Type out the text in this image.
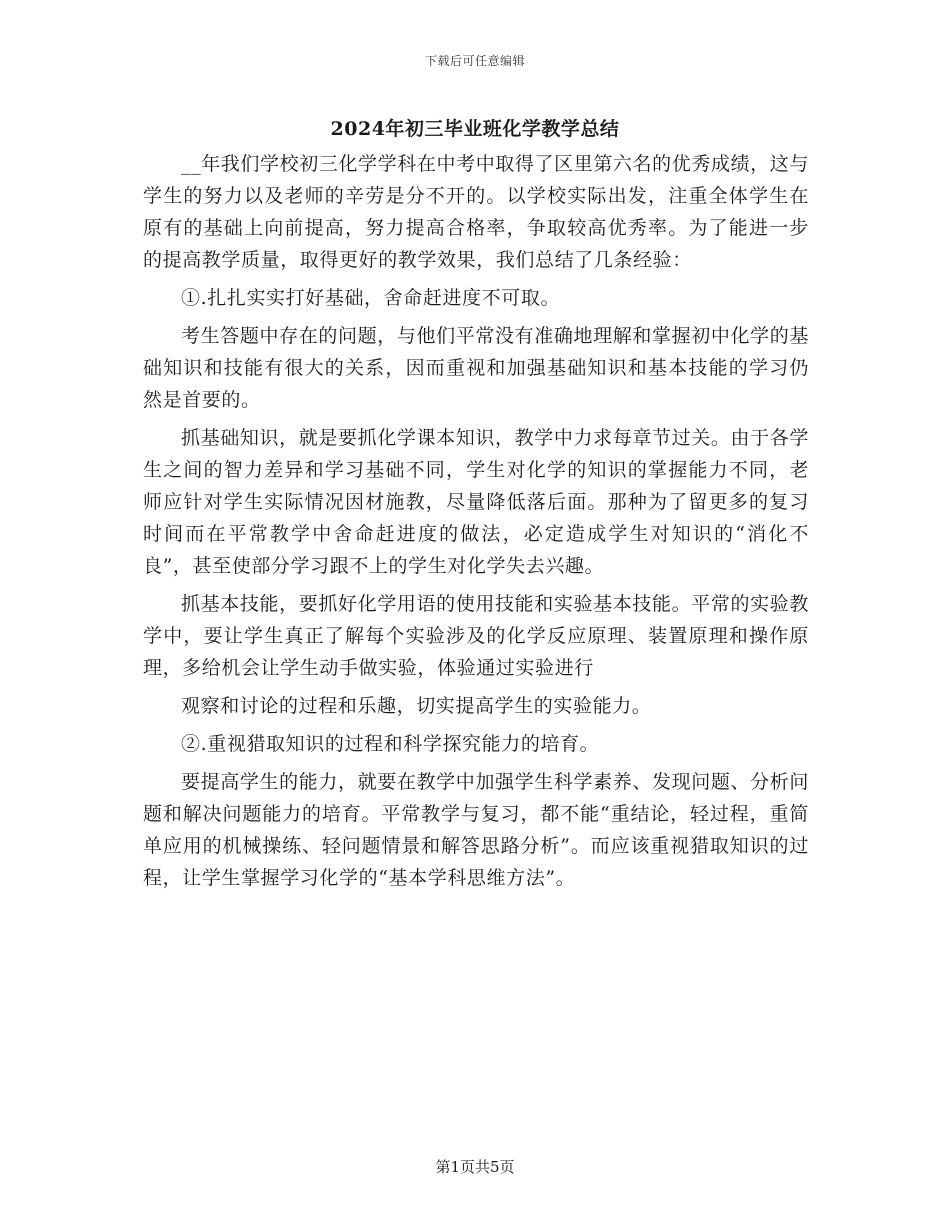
下载后可任意编辑
2024年初三毕业班化学教学总结

__年我们学校初三化学学科在中考中取得了区里第六名的优秀成绩，这与学生的努力以及老师的辛劳是分不开的。以学校实际出发，注重全体学生在原有的基础上向前提高，努力提高合格率，争取较高优秀率。为了能进一步的提高教学质量，取得更好的教学效果，我们总结了几条经验：

①.扎扎实实打好基础，舍命赶进度不可取。

考生答题中存在的问题，与他们平常没有准确地理解和掌握初中化学的基础知识和技能有很大的关系，因而重视和加强基础知识和基本技能的学习仍然是首要的。

抓基础知识，就是要抓化学课本知识，教学中力求每章节过关。由于各学生之间的智力差异和学习基础不同，学生对化学的知识的掌握能力不同，老师应针对学生实际情况因材施教，尽量降低落后面。那种为了留更多的复习时间而在平常教学中舍命赶进度的做法，必定造成学生对知识的“消化不良”，甚至使部分学习跟不上的学生对化学失去兴趣。

抓基本技能，要抓好化学用语的使用技能和实验基本技能。平常的实验教学中，要让学生真正了解每个实验涉及的化学反应原理、装置原理和操作原理，多给机会让学生动手做实验，体验通过实验进行

观察和讨论的过程和乐趣，切实提高学生的实验能力。

②.重视猎取知识的过程和科学探究能力的培育。

要提高学生的能力，就要在教学中加强学生科学素养、发现问题、分析问题和解决问题能力的培育。平常教学与复习，都不能“重结论，轻过程，重简单应用的机械操练、轻问题情景和解答思路分析”。而应该重视猎取知识的过程，让学生掌握学习化学的“基本学科思维方法”。

第1页共5页
